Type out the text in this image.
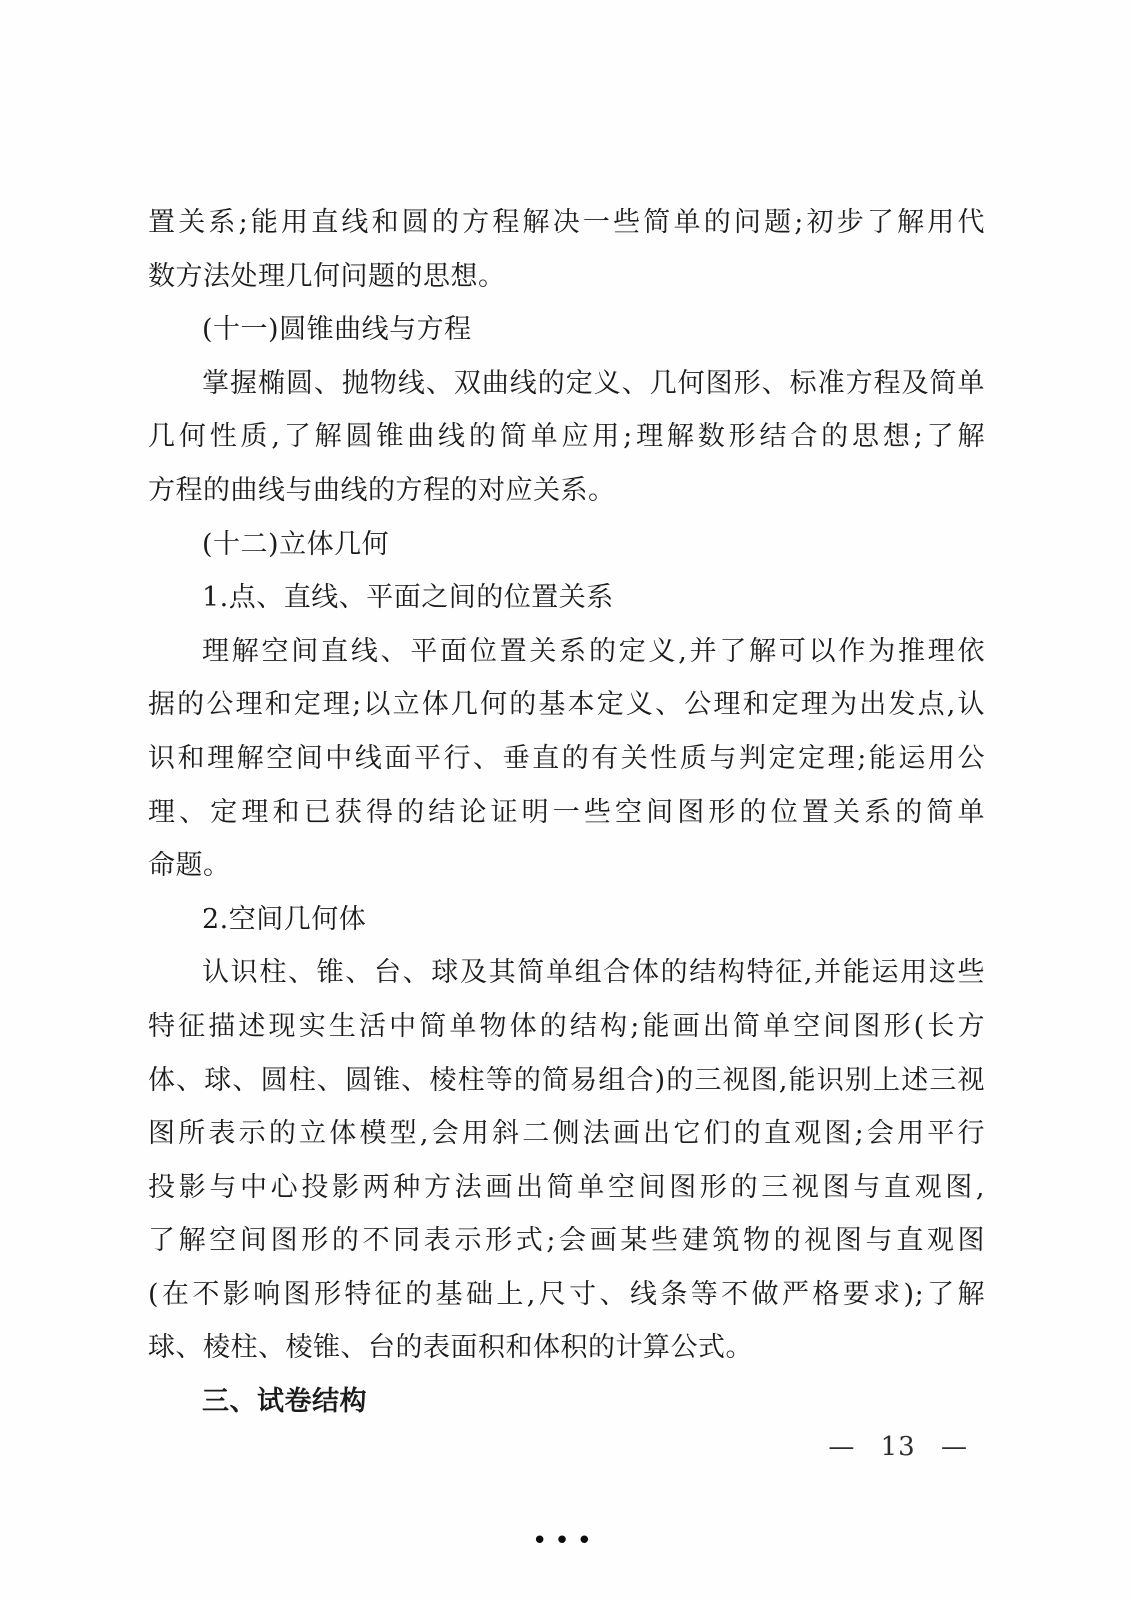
置关系;能用直线和圆的方程解决一些简单的问题;初步了解用代
数方法处理几何问题的思想。
(十一)圆锥曲线与方程
掌握椭圆、抛物线、双曲线的定义、几何图形、标准方程及简单
几何性质,了解圆锥曲线的简单应用;理解数形结合的思想;了解
方程的曲线与曲线的方程的对应关系。
(十二)立体几何
1.点、直线、平面之间的位置关系
理解空间直线、平面位置关系的定义,并了解可以作为推理依
据的公理和定理;以立体几何的基本定义、公理和定理为出发点,认
识和理解空间中线面平行、垂直的有关性质与判定定理;能运用公
理、定理和已获得的结论证明一些空间图形的位置关系的简单
命题。
2.空间几何体
认识柱、锥、台、球及其简单组合体的结构特征,并能运用这些
特征描述现实生活中简单物体的结构;能画出简单空间图形(长方
体、球、圆柱、圆锥、棱柱等的简易组合)的三视图,能识别上述三视
图所表示的立体模型,会用斜二侧法画出它们的直观图;会用平行
投影与中心投影两种方法画出简单空间图形的三视图与直观图,
了解空间图形的不同表示形式;会画某些建筑物的视图与直观图
(在不影响图形特征的基础上,尺寸、线条等不做严格要求);了解
球、棱柱、棱锥、台的表面积和体积的计算公式。
三、试卷结构
— 13 —
•••
